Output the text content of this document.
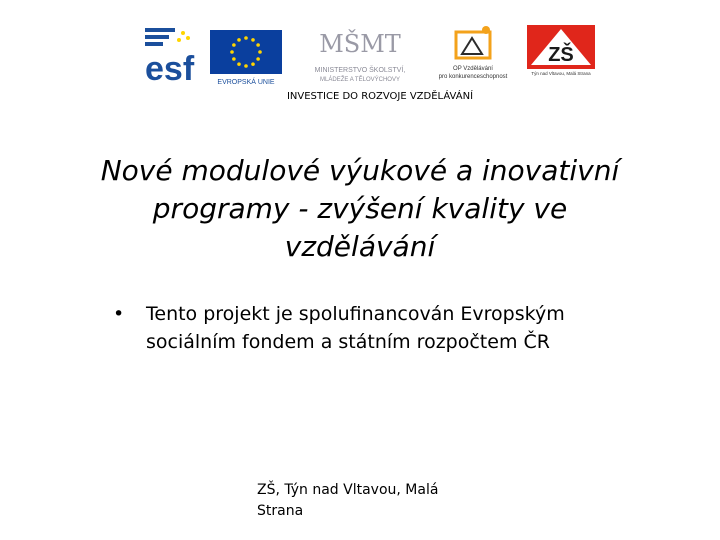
esf	EVROPSKÁ UNIE
MŠMT
MINISTERSTVO ŠKOLSTVÍ,
MLÁDEŽE A TĚLOVÝCHOVY
OP Vzdělávání
pro konkurenceschopnost
ZŠ
Týn nad Vltavou, Malá Strana
INVESTICE DO ROZVOJE VZDĚLÁVÁNÍ
Nové modulové výukové a inovativní
programy - zvýšení kvality ve
vzdělávání
• Tento projekt je spolufinancován Evropským
sociálním fondem a státním rozpočtem ČR
ZŠ, Týn nad Vltavou, Malá
Strana
